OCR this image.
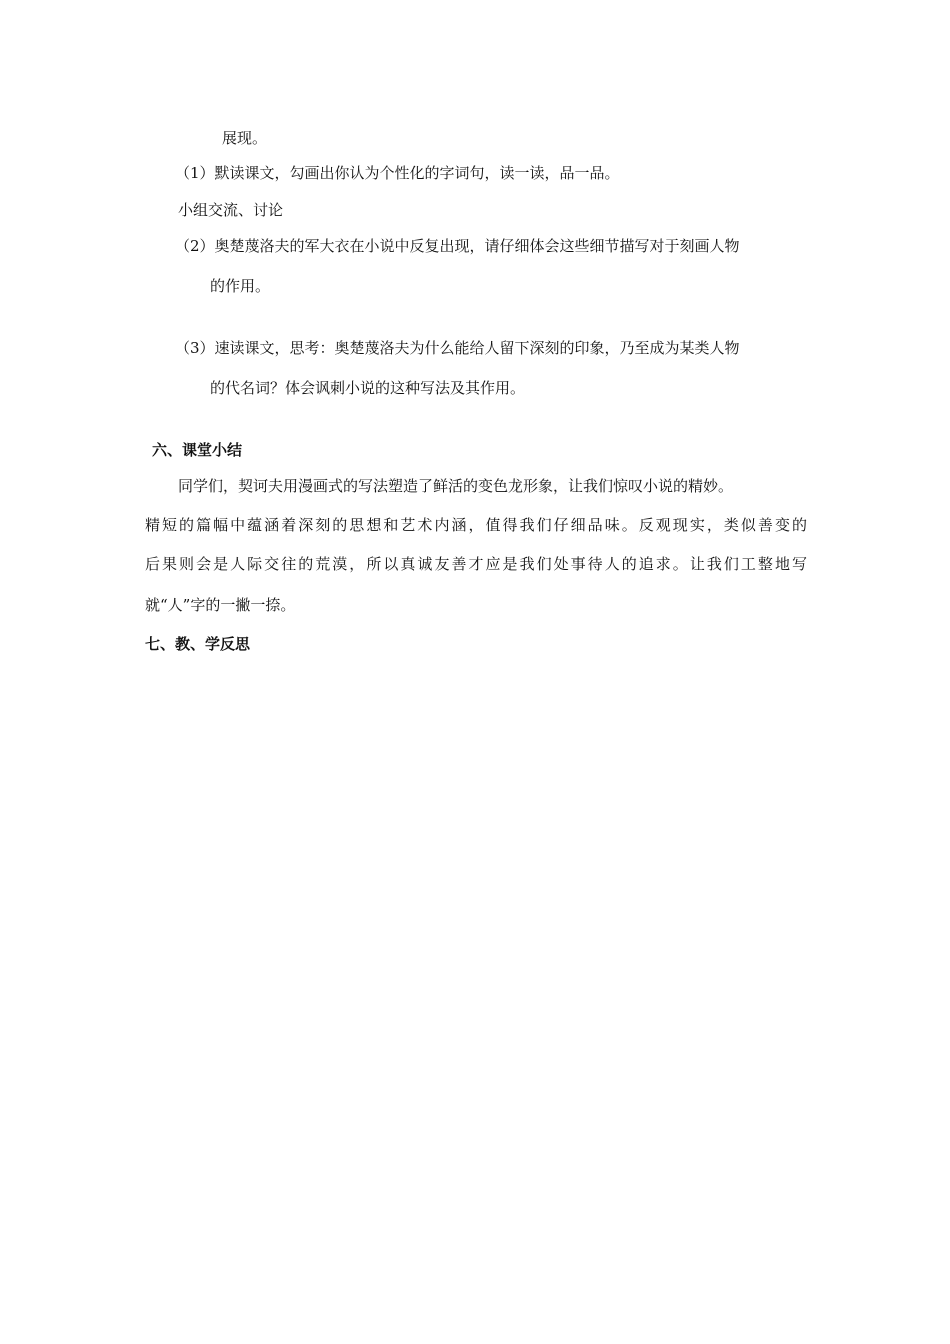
展现。
（1）默读课文，勾画出你认为个性化的字词句，读一读，品一品。
小组交流、讨论
（2）奥楚蔑洛夫的军大衣在小说中反复出现，请仔细体会这些细节描写对于刻画人物
的作用。
（3）速读课文，思考：奥楚蔑洛夫为什么能给人留下深刻的印象，乃至成为某类人物
的代名词？体会讽刺小说的这种写法及其作用。
六、课堂小结
同学们，契诃夫用漫画式的写法塑造了鲜活的变色龙形象，让我们惊叹小说的精妙。
精短的篇幅中蕴涵着深刻的思想和艺术内涵，值得我们仔细品味。反观现实，类似善变的
后果则会是人际交往的荒漠，所以真诚友善才应是我们处事待人的追求。让我们工整地写
就“人”字的一撇一捺。
七、教、学反思
